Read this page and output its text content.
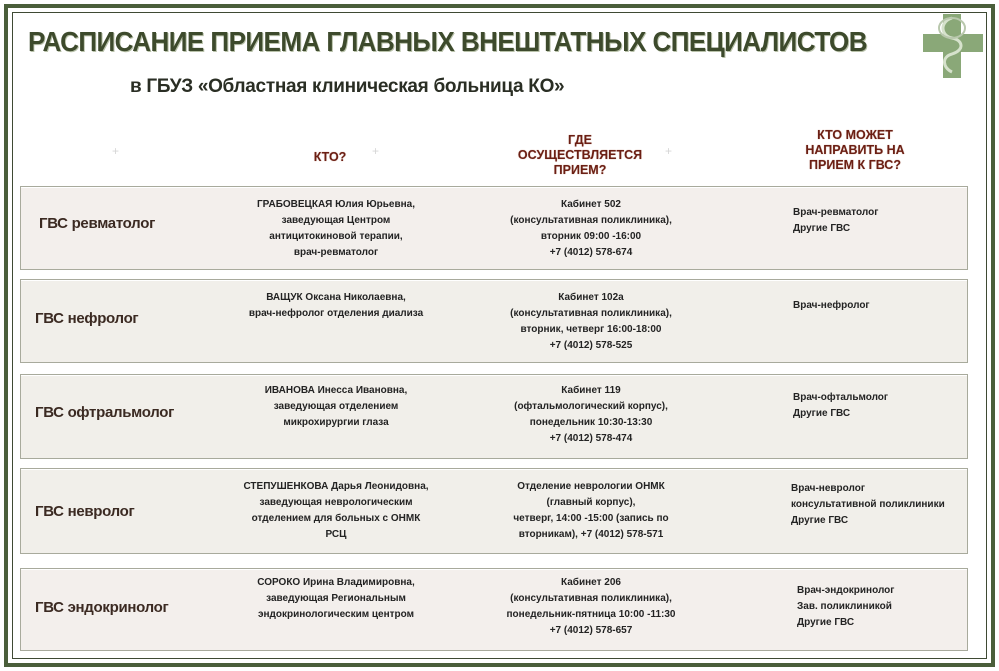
РАСПИСАНИЕ ПРИЕМА ГЛАВНЫХ ВНЕШТАТНЫХ СПЕЦИАЛИСТОВ
в ГБУЗ «Областная клиническая больница КО»
КТО?
ГДЕ
ОСУЩЕСТВЛЯЕТСЯ
ПРИЕМ?
КТО МОЖЕТ
НАПРАВИТЬ НА
ПРИЕМ К ГВС?
+	+	+
ГВС ревматолог
ГРАБОВЕЦКАЯ Юлия Юрьевна,
заведующая Центром
антицитокиновой терапии,
врач-ревматолог
Кабинет 502
(консультативная поликлиника),
вторник 09:00 -16:00
+7 (4012) 578-674
Врач-ревматолог
Другие ГВС
ГВС нефролог
ВАЩУК Оксана Николаевна,
врач-нефролог отделения диализа
Кабинет 102а
(консультативная поликлиника),
вторник, четверг 16:00-18:00
+7 (4012) 578-525
Врач-нефролог
ГВС офтральмолог
ИВАНОВА Инесса Ивановна,
заведующая отделением
микрохирургии глаза
Кабинет 119
(офтальмологический корпус),
понедельник 10:30-13:30
+7 (4012) 578-474
Врач-офтальмолог
Другие ГВС
ГВС невролог
СТЕПУШЕНКОВА Дарья Леонидовна,
заведующая неврологическим
отделением для больных с ОНМК
РСЦ
Отделение неврологии ОНМК
(главный корпус),
четверг, 14:00 -15:00 (запись по
вторникам), +7 (4012) 578-571
Врач-невролог
консультативной поликлиники
Другие ГВС
ГВС эндокринолог
СОРОКО Ирина Владимировна,
заведующая Региональным
эндокринологическим центром
Кабинет 206
(консультативная поликлиника),
понедельник-пятница 10:00 -11:30
+7 (4012) 578-657
Врач-эндокринолог
Зав. поликлиникой
Другие ГВС
